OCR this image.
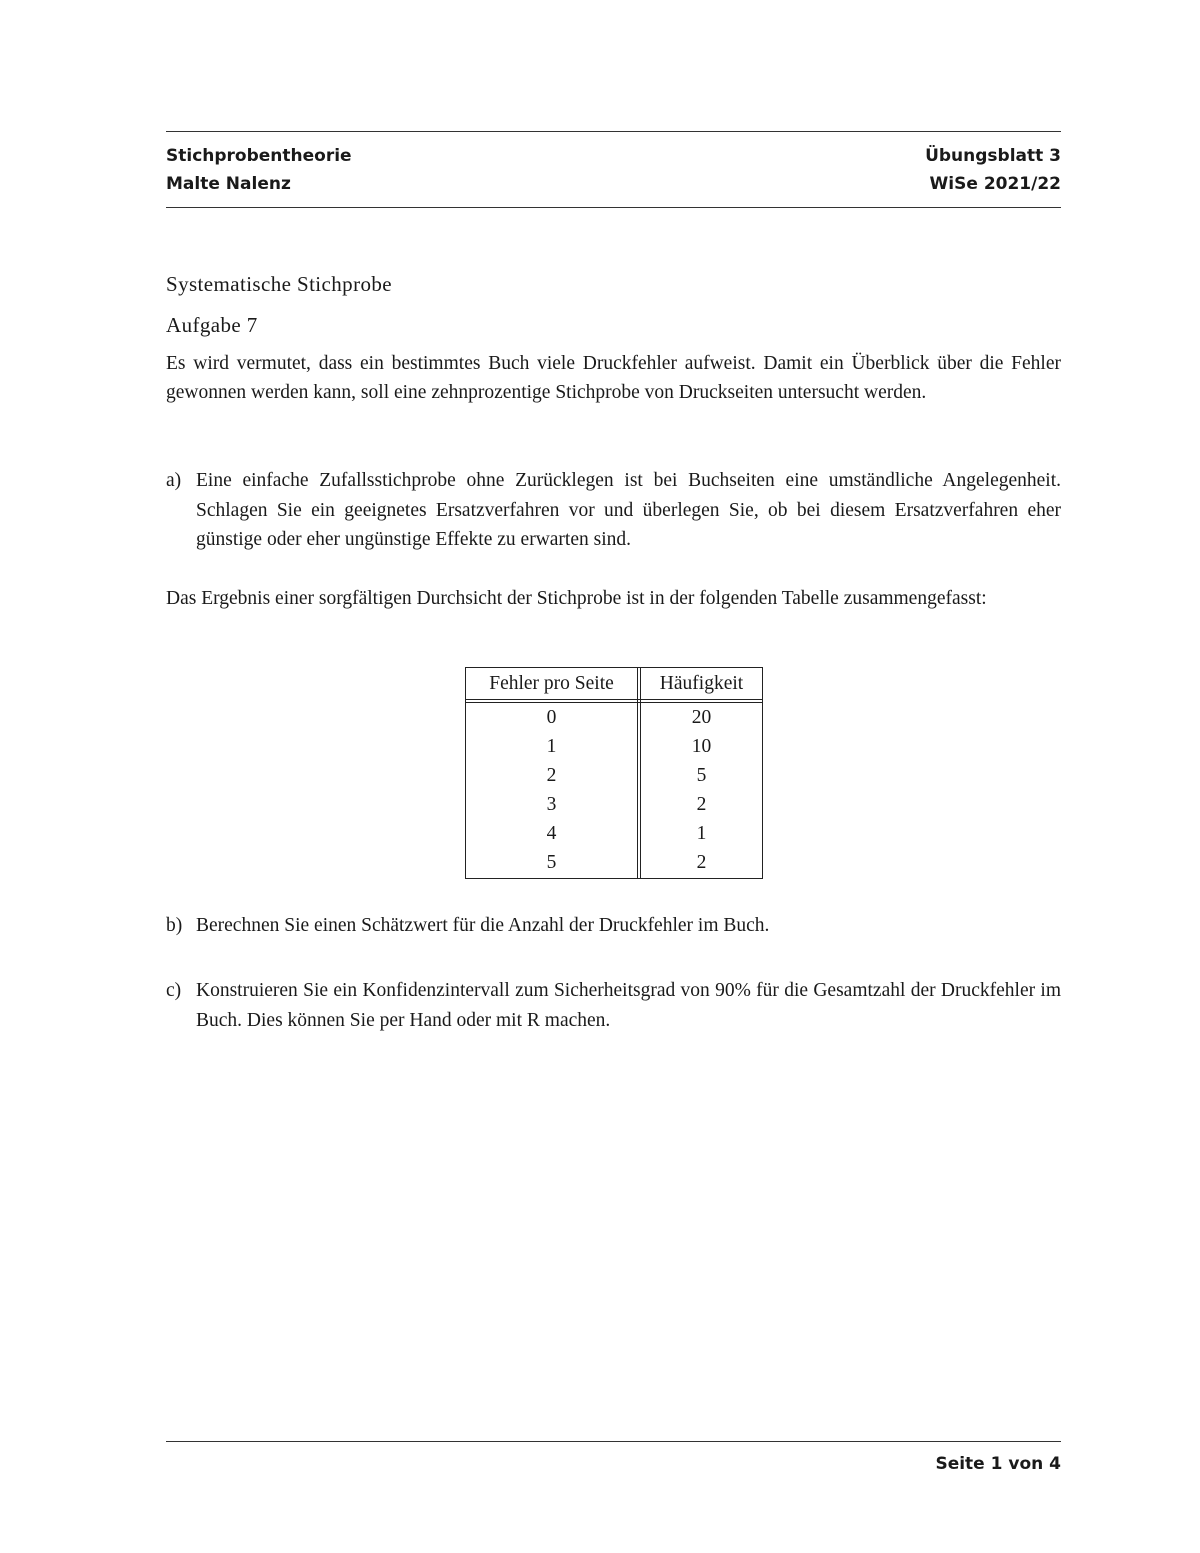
Stichprobentheorie
Malte Nalenz
Übungsblatt 3
WiSe 2021/22
Systematische Stichprobe
Aufgabe 7
Es wird vermutet, dass ein bestimmtes Buch viele Druckfehler aufweist. Damit ein Überblick über die Fehler gewonnen werden kann, soll eine zehnprozentige Stichprobe von Druckseiten untersucht werden.
a) Eine einfache Zufallsstichprobe ohne Zurücklegen ist bei Buchseiten eine umständliche Angelegenheit. Schlagen Sie ein geeignetes Ersatzverfahren vor und überlegen Sie, ob bei diesem Ersatzverfahren eher günstige oder eher ungünstige Effekte zu erwarten sind.
Das Ergebnis einer sorgfältigen Durchsicht der Stichprobe ist in der folgenden Tabelle zusammengefasst:
Fehler pro Seite	Häufigkeit
0	20
1	10
2	5
3	2
4	1
5	2
b) Berechnen Sie einen Schätzwert für die Anzahl der Druckfehler im Buch.
c) Konstruieren Sie ein Konfidenzintervall zum Sicherheitsgrad von 90% für die Gesamtzahl der Druckfehler im Buch. Dies können Sie per Hand oder mit R machen.
Seite 1 von 4
